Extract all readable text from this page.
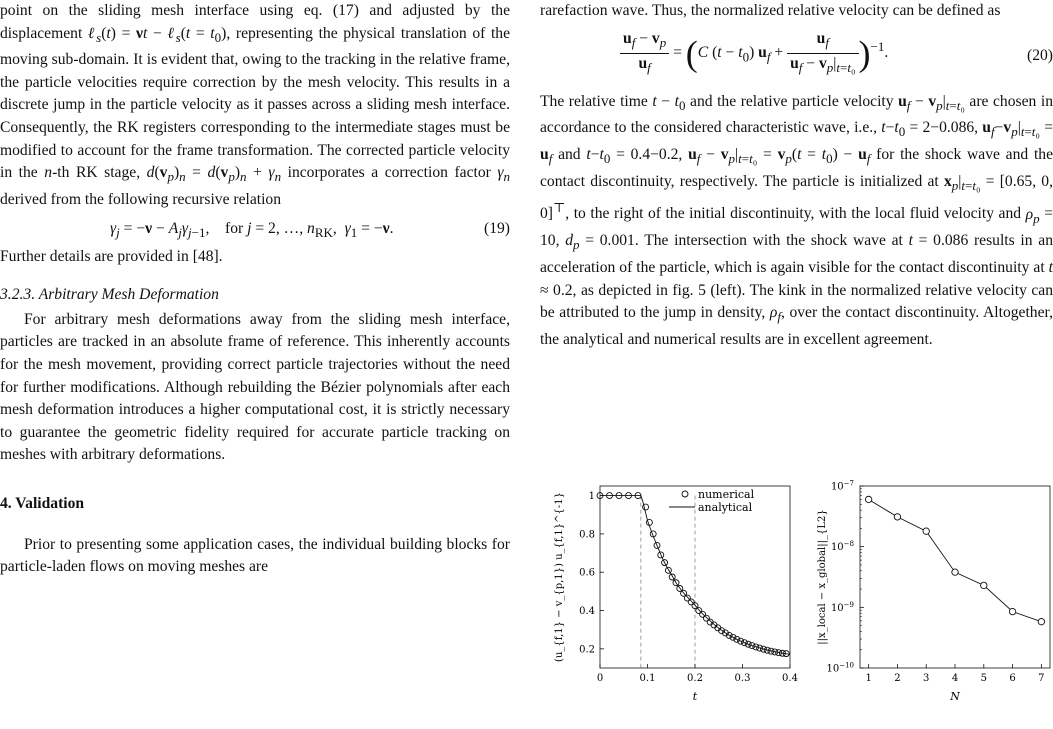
point on the sliding mesh interface using eq. (17) and adjusted by the displacement ℓ$_s$(t) = νt − ℓ$_s$(t = $t_0$), representing the physical translation of the moving sub-domain. It is evident that, owing to the tracking in the relative frame, the particle velocities require correction by the mesh velocity. This results in a discrete jump in the particle velocity as it passes across a sliding mesh interface. Consequently, the RK registers corresponding to the intermediate stages must be modified to account for the frame transformation. The corrected particle velocity in the n-th RK stage, $d(v_p)_n = d(v_p)_n + \gamma_n$ incorporates a correction factor $\gamma_n$ derived from the following recursive relation

$\gamma_j = -\nu - A_j\gamma_{j-1}$,    for j = 2, …, $n_{RK}$,  $\gamma_1 = -\nu$.	(19)

Further details are provided in [48].

3.2.3. Arbitrary Mesh Deformation

For arbitrary mesh deformations away from the sliding mesh interface, particles are tracked in an absolute frame of reference. This inherently accounts for the mesh movement, providing correct particle trajectories without the need for further modifications. Although rebuilding the Bézier polynomials after each mesh deformation introduces a higher computational cost, it is strictly necessary to guarantee the geometric fidelity required for accurate particle tracking on meshes with arbitrary deformations.

4. Validation

Prior to presenting some application cases, the individual building blocks for particle-laden flows on moving meshes are

rarefaction wave. Thus, the normalized relative velocity can be defined as

$\frac{u_f - v_p}{u_f} = (C$ $(t - t_0)$ $u_f + \frac{u_f}{u_f - v_p|_{t=t_0}} )^{-1}$.	(20)

The relative time $t - t_0$ and the relative particle velocity $u_f - v_p|_{t=t_0}$ are chosen in accordance to the considered characteristic wave, i.e., $t-t_0 = 2-0.086$, $u_f-v_p|_{t=t_0} = u_f$ and $t-t_0 = 0.4-0.2$, $u_f - v_p|_{t=t_0} = v_p(t = t_0) - u_f$ for the shock wave and the contact discontinuity, respectively. The particle is initialized at $x_p|_{t=t_0} = [0.65$, 0, 0]⊤, to the right of the initial discontinuity, with the local fluid velocity and $\rho_p = 10$, $d_p = 0.001$. The intersection with the shock wave at t = 0.086 results in an acceleration of the particle, which is again visible for the contact discontinuity at t ≈ 0.2, as depicted in fig. 5 (left). The kink in the normalized relative velocity can be attributed to the jump in density, $\rho_f$, over the contact discontinuity. Altogether, the analytical and numerical results are in excellent agreement.

0	0.1	0.2	0.3	0.4
0.2
0.4
0.6
0.8
1	numerical
analytical
t
(u_{f,1} − v_{p,1}) u_{f,1}^{-1}
1 2 3 4 5 6 7
$10^{-10}$
$10^{-9}$
$10^{-8}$
$10^{-7}$
N
||x_local − x_global||_{L2}
